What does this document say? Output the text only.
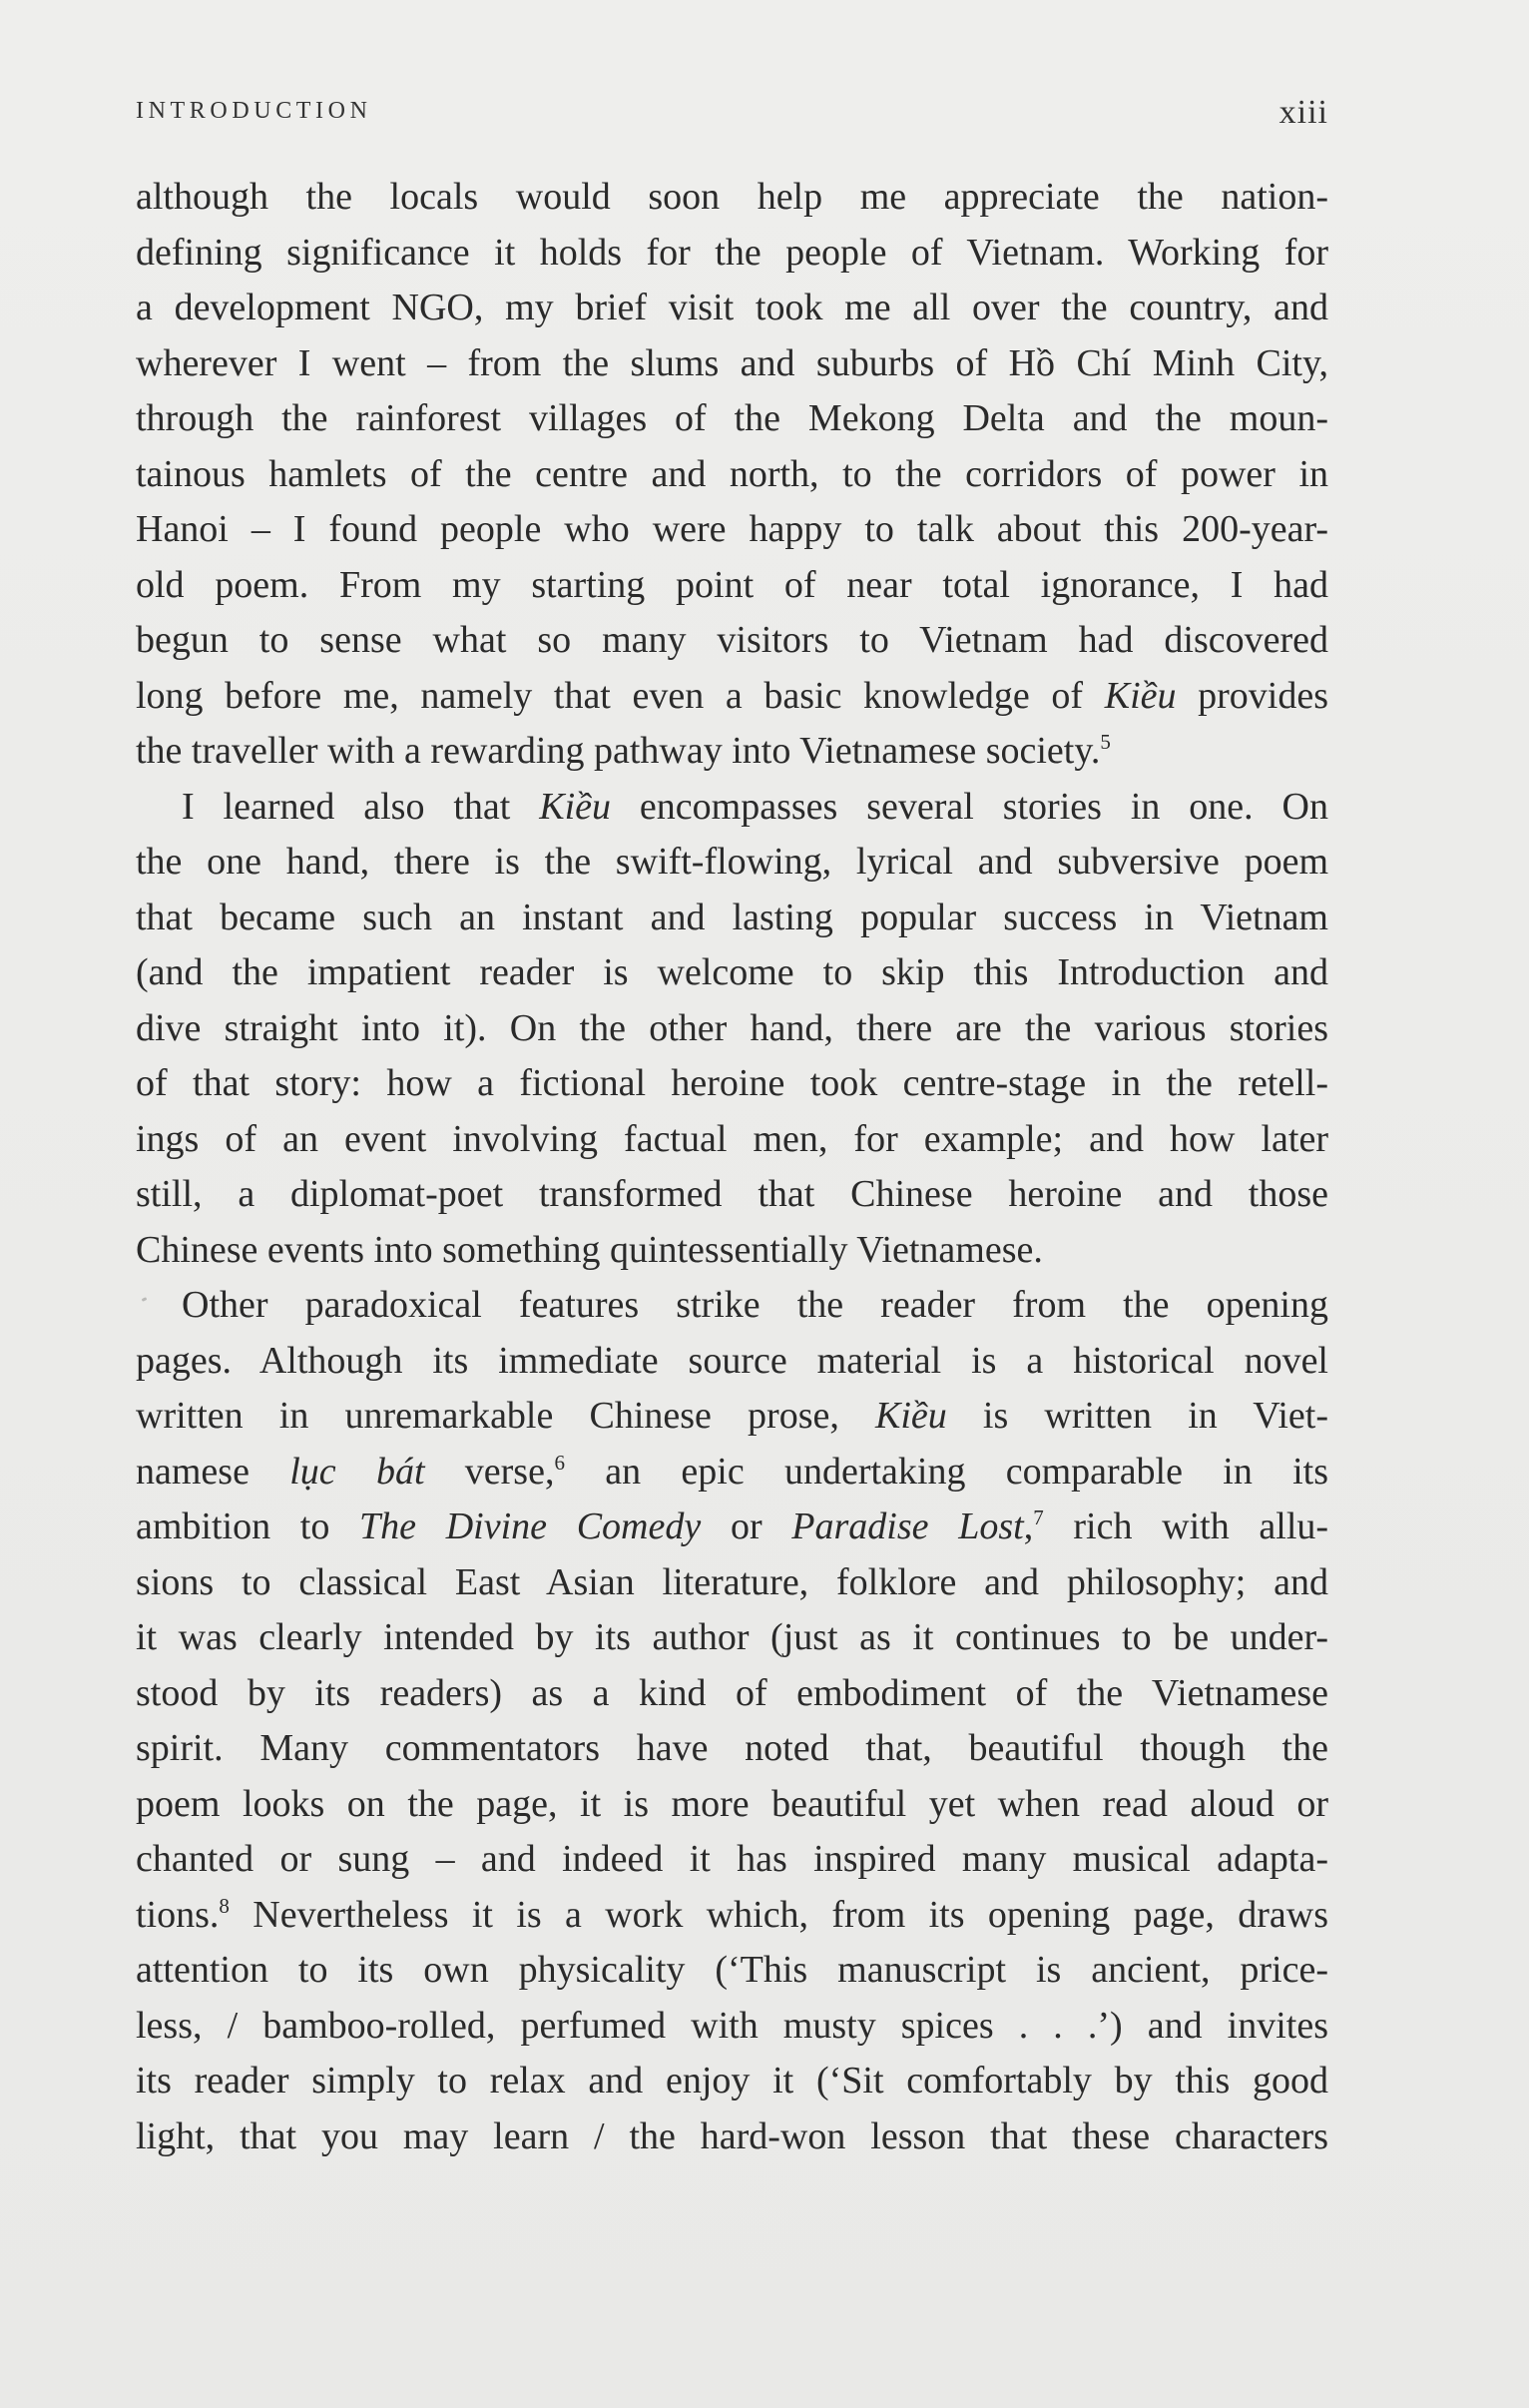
INTRODUCTION	xiii
although the locals would soon help me appreciate the nation-
defining significance it holds for the people of Vietnam. Working for
a development NGO, my brief visit took me all over the country, and
wherever I went – from the slums and suburbs of Hồ Chí Minh City,
through the rainforest villages of the Mekong Delta and the moun-
tainous hamlets of the centre and north, to the corridors of power in
Hanoi – I found people who were happy to talk about this 200-year-
old poem. From my starting point of near total ignorance, I had
begun to sense what so many visitors to Vietnam had discovered
long before me, namely that even a basic knowledge of Kiều provides
the traveller with a rewarding pathway into Vietnamese society.$^5$
I learned also that Kiều encompasses several stories in one. On
the one hand, there is the swift-flowing, lyrical and subversive poem
that became such an instant and lasting popular success in Vietnam
(and the impatient reader is welcome to skip this Introduction and
dive straight into it). On the other hand, there are the various stories
of that story: how a fictional heroine took centre-stage in the retell-
ings of an event involving factual men, for example; and how later
still, a diplomat-poet transformed that Chinese heroine and those
Chinese events into something quintessentially Vietnamese.
Other paradoxical features strike the reader from the opening
pages. Although its immediate source material is a historical novel
written in unremarkable Chinese prose, Kiều is written in Viet-
namese lục bát verse,$^6$ an epic undertaking comparable in its
ambition to The Divine Comedy or Paradise Lost,$^7$ rich with allu-
sions to classical East Asian literature, folklore and philosophy; and
it was clearly intended by its author (just as it continues to be under-
stood by its readers) as a kind of embodiment of the Vietnamese
spirit. Many commentators have noted that, beautiful though the
poem looks on the page, it is more beautiful yet when read aloud or
chanted or sung – and indeed it has inspired many musical adapta-
tions.$^8$ Nevertheless it is a work which, from its opening page, draws
attention to its own physicality (‘This manuscript is ancient, price-
less, / bamboo-rolled, perfumed with musty spices . . .’) and invites
its reader simply to relax and enjoy it (‘Sit comfortably by this good
light, that you may learn / the hard-won lesson that these characters
